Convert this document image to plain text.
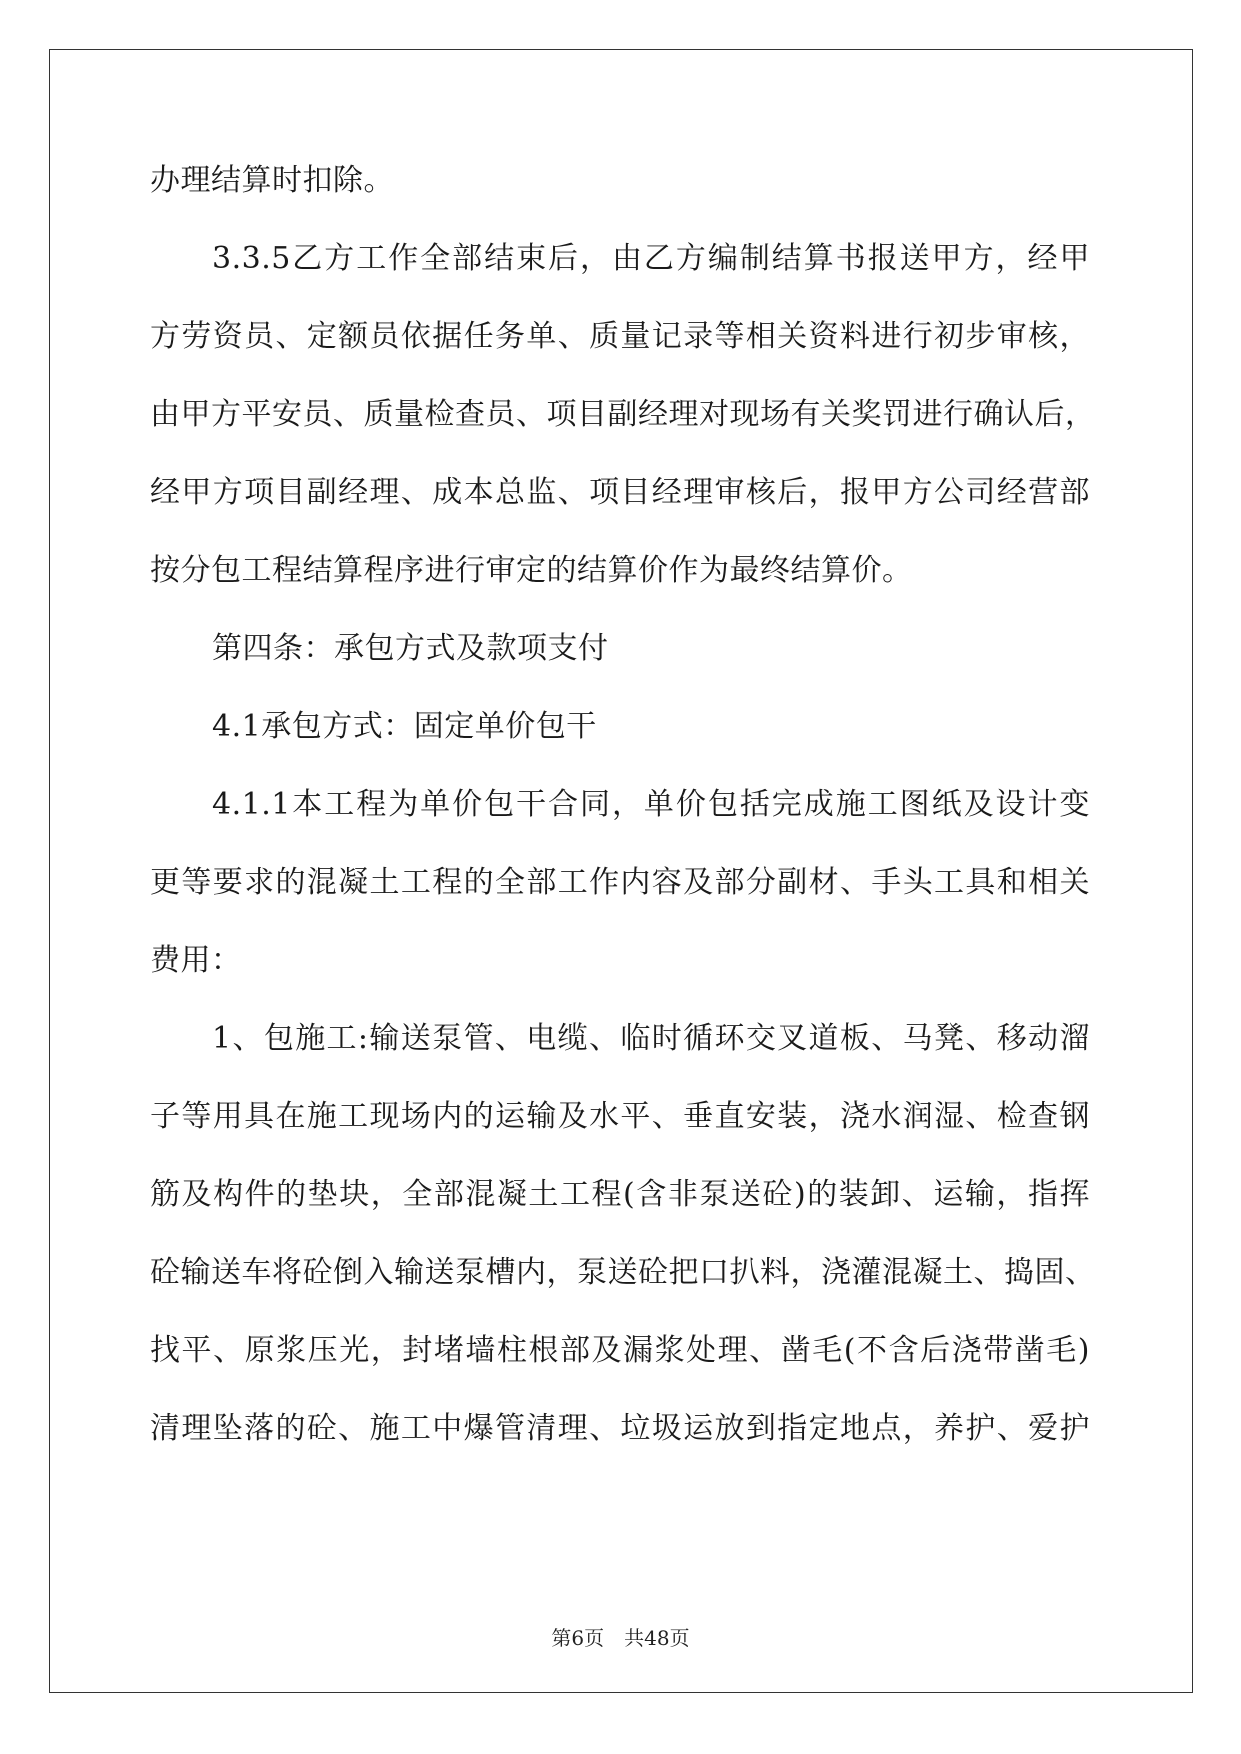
办理结算时扣除。
3.3.5乙方工作全部结束后，由乙方编制结算书报送甲方，经甲
方劳资员、定额员依据任务单、质量记录等相关资料进行初步审核，
由甲方平安员、质量检查员、项目副经理对现场有关奖罚进行确认后，
经甲方项目副经理、成本总监、项目经理审核后，报甲方公司经营部
按分包工程结算程序进行审定的结算价作为最终结算价。
第四条：承包方式及款项支付
4.1承包方式：固定单价包干
4.1.1本工程为单价包干合同，单价包括完成施工图纸及设计变
更等要求的混凝土工程的全部工作内容及部分副材、手头工具和相关
费用：
1、包施工:输送泵管、电缆、临时循环交叉道板、马凳、移动溜
子等用具在施工现场内的运输及水平、垂直安装，浇水润湿、检查钢
筋及构件的垫块，全部混凝土工程(含非泵送砼)的装卸、运输，指挥
砼输送车将砼倒入输送泵槽内，泵送砼把口扒料，浇灌混凝土、捣固、
找平、原浆压光，封堵墙柱根部及漏浆处理、凿毛(不含后浇带凿毛)
清理坠落的砼、施工中爆管清理、垃圾运放到指定地点，养护、爱护
第6页　共48页
